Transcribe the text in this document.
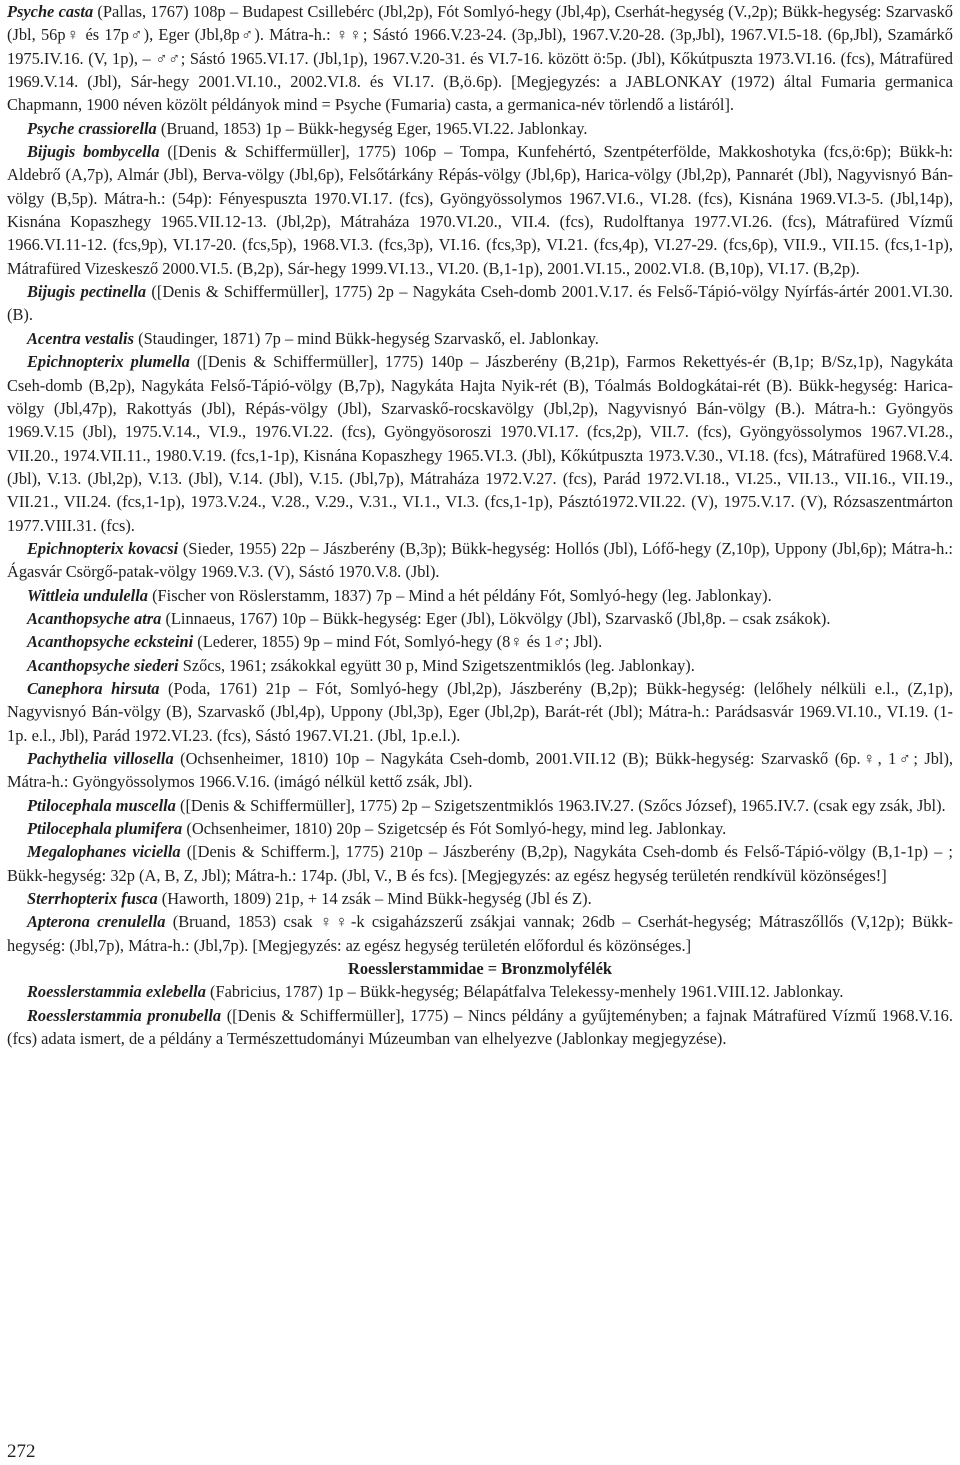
Psyche casta (Pallas, 1767) 108p – Budapest Csillebérc (Jbl,2p), Fót Somlyó-hegy (Jbl,4p), Cserhát-hegység (V.,2p); Bükk-hegység: Szarvaskő (Jbl, 56p♀ és 17p♂), Eger (Jbl,8p♂). Mátra-h.: ♀♀; Sástó 1966.V.23-24. (3p,Jbl), 1967.V.20-28. (3p,Jbl), 1967.VI.5-18. (6p,Jbl), Szamárkő 1975.IV.16. (V, 1p), – ♂♂; Sástó 1965.VI.17. (Jbl,1p), 1967.V.20-31. és VI.7-16. között ö:5p. (Jbl), Kőkútpuszta 1973.VI.16. (fcs), Mátrafüred 1969.V.14. (Jbl), Sár-hegy 2001.VI.10., 2002.VI.8. és VI.17. (B,ö.6p). [Megjegyzés: a JABLONKAY (1972) által Fumaria germanica Chapmann, 1900 néven közölt példányok mind = Psyche (Fumaria) casta, a germanica-név törlendő a listáról].

Psyche crassiorella (Bruand, 1853) 1p – Bükk-hegység Eger, 1965.VI.22. Jablonkay.

Bijugis bombycella ([Denis & Schiffermüller], 1775) 106p – Tompa, Kunfehértó, Szentpéterfölde, Makkoshotyka (fcs,ö:6p); Bükk-h: Aldebrő (A,7p), Almár (Jbl), Berva-völgy (Jbl,6p), Felsőtárkány Répás-völgy (Jbl,6p), Harica-völgy (Jbl,2p), Pannarét (Jbl), Nagyvisnyó Bán-völgy (B,5p). Mátra-h.: (54p): Fényespuszta 1970.VI.17. (fcs), Gyöngyössolymos 1967.VI.6., VI.28. (fcs), Kisnána 1969.VI.3-5. (Jbl,14p), Kisnána Kopaszhegy 1965.VII.12-13. (Jbl,2p), Mátraháza 1970.VI.20., VII.4. (fcs), Rudolftanya 1977.VI.26. (fcs), Mátrafüred Vízmű 1966.VI.11-12. (fcs,9p), VI.17-20. (fcs,5p), 1968.VI.3. (fcs,3p), VI.16. (fcs,3p), VI.21. (fcs,4p), VI.27-29. (fcs,6p), VII.9., VII.15. (fcs,1-1p), Mátrafüred Vizeskesző 2000.VI.5. (B,2p), Sár-hegy 1999.VI.13., VI.20. (B,1-1p), 2001.VI.15., 2002.VI.8. (B,10p), VI.17. (B,2p).

Bijugis pectinella ([Denis & Schiffermüller], 1775) 2p – Nagykáta Cseh-domb 2001.V.17. és Felső-Tápió-völgy Nyírfás-ártér 2001.VI.30. (B).

Acentra vestalis (Staudinger, 1871) 7p – mind Bükk-hegység Szarvaskő, el. Jablonkay.

Epichnopterix plumella ([Denis & Schiffermüller], 1775) 140p – Jászberény (B,21p), Farmos Rekettyés-ér (B,1p; B/Sz,1p), Nagykáta Cseh-domb (B,2p), Nagykáta Felső-Tápió-völgy (B,7p), Nagykáta Hajta Nyik-rét (B), Tóalmás Boldogkátai-rét (B). Bükk-hegység: Harica-völgy (Jbl,47p), Rakottyás (Jbl), Répás-völgy (Jbl), Szarvaskő-rocskavölgy (Jbl,2p), Nagyvisnyó Bán-völgy (B.). Mátra-h.: Gyöngyös 1969.V.15 (Jbl), 1975.V.14., VI.9., 1976.VI.22. (fcs), Gyöngyösoroszi 1970.VI.17. (fcs,2p), VII.7. (fcs), Gyöngyössolymos 1967.VI.28., VII.20., 1974.VII.11., 1980.V.19. (fcs,1-1p), Kisnána Kopaszhegy 1965.VI.3. (Jbl), Kőkútpuszta 1973.V.30., VI.18. (fcs), Mátrafüred 1968.V.4. (Jbl), V.13. (Jbl,2p), V.13. (Jbl), V.14. (Jbl), V.15. (Jbl,7p), Mátraháza 1972.V.27. (fcs), Parád 1972.VI.18., VI.25., VII.13., VII.16., VII.19., VII.21., VII.24. (fcs,1-1p), 1973.V.24., V.28., V.29., V.31., VI.1., VI.3. (fcs,1-1p), Pásztó1972.VII.22. (V), 1975.V.17. (V), Rózsaszentmárton 1977.VIII.31. (fcs).

Epichnopterix kovacsi (Sieder, 1955) 22p – Jászberény (B,3p); Bükk-hegység: Hollós (Jbl), Lófő-hegy (Z,10p), Uppony (Jbl,6p); Mátra-h.: Ágasvár Csörgő-patak-völgy 1969.V.3. (V), Sástó 1970.V.8. (Jbl).

Wittleia undulella (Fischer von Röslerstamm, 1837) 7p – Mind a hét példány Fót, Somlyó-hegy (leg. Jablonkay).

Acanthopsyche atra (Linnaeus, 1767) 10p – Bükk-hegység: Eger (Jbl), Lökvölgy (Jbl), Szarvaskő (Jbl,8p. – csak zsákok).

Acanthopsyche ecksteini (Lederer, 1855) 9p – mind Fót, Somlyó-hegy (8♀ és 1♂; Jbl).

Acanthopsyche siederi Szőcs, 1961; zsákokkal együtt 30 p, Mind Szigetszentmiklós (leg. Jablonkay).

Canephora hirsuta (Poda, 1761) 21p – Fót, Somlyó-hegy (Jbl,2p), Jászberény (B,2p); Bükk-hegység: (lelőhely nélküli e.l., (Z,1p), Nagyvisnyó Bán-völgy (B), Szarvaskő (Jbl,4p), Uppony (Jbl,3p), Eger (Jbl,2p), Barát-rét (Jbl); Mátra-h.: Parádsasvár 1969.VI.10., VI.19. (1-1p. e.l., Jbl), Parád 1972.VI.23. (fcs), Sástó 1967.VI.21. (Jbl, 1p.e.l.).

Pachythelia villosella (Ochsenheimer, 1810) 10p – Nagykáta Cseh-domb, 2001.VII.12 (B); Bükk-hegység: Szarvaskő (6p.♀, 1♂; Jbl), Mátra-h.: Gyöngyössolymos 1966.V.16. (imágó nélkül kettő zsák, Jbl).

Ptilocephala muscella ([Denis & Schiffermüller], 1775) 2p – Szigetszentmiklós 1963.IV.27. (Szőcs József), 1965.IV.7. (csak egy zsák, Jbl).

Ptilocephala plumifera (Ochsenheimer, 1810) 20p – Szigetcsép és Fót Somlyó-hegy, mind leg. Jablonkay.

Megalophanes viciella ([Denis & Schifferm.], 1775) 210p – Jászberény (B,2p), Nagykáta Cseh-domb és Felső-Tápió-völgy (B,1-1p) – ; Bükk-hegység: 32p (A, B, Z, Jbl); Mátra-h.: 174p. (Jbl, V., B és fcs). [Megjegyzés: az egész hegység területén rendkívül közönséges!]

Sterrhopterix fusca (Haworth, 1809) 21p, + 14 zsák – Mind Bükk-hegység (Jbl és Z).

Apterona crenulella (Bruand, 1853) csak ♀♀-k csigaházszerű zsákjai vannak; 26db – Cserhát-hegység; Mátraszőllős (V,12p); Bükk-hegység: (Jbl,7p), Mátra-h.: (Jbl,7p). [Megjegyzés: az egész hegység területén előfordul és közönséges.]

Roesslerstammidae = Bronzmolyfélék

Roesslerstammia exlebella (Fabricius, 1787) 1p – Bükk-hegység; Bélapátfalva Telekessy-menhely 1961.VIII.12. Jablonkay.

Roesslerstammia pronubella ([Denis & Schiffermüller], 1775) – Nincs példány a gyűjteményben; a fajnak Mátrafüred Vízmű 1968.V.16. (fcs) adata ismert, de a példány a Természettudományi Múzeumban van elhelyezve (Jablonkay megjegyzése).

272
